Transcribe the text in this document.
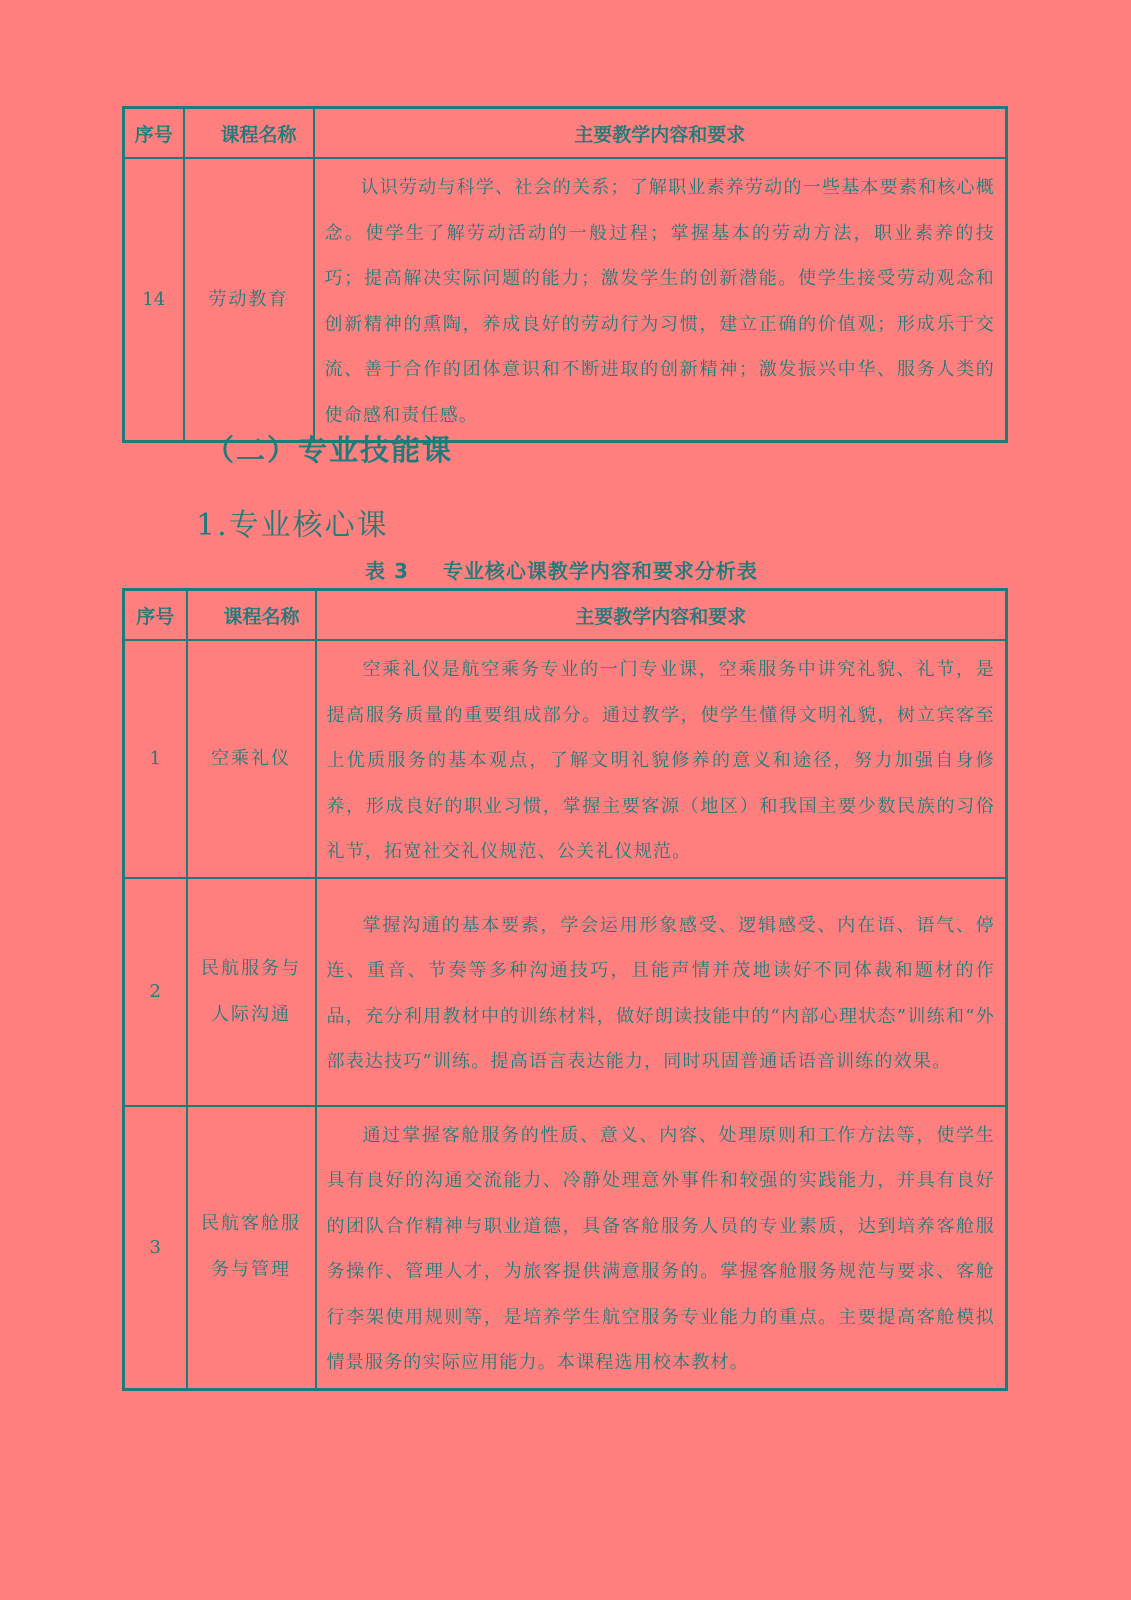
序号	课程名称	主要教学内容和要求
14	劳动教育	认识劳动与科学、社会的关系；了解职业素养劳动的一些基本要素和核心概念。使学生了解劳动活动的一般过程；掌握基本的劳动方法，职业素养的技巧；提高解决实际问题的能力；激发学生的创新潜能。使学生接受劳动观念和创新精神的熏陶，养成良好的劳动行为习惯，建立正确的价值观；形成乐于交流、善于合作的团体意识和不断进取的创新精神；激发振兴中华、服务人类的使命感和责任感。

（二）专业技能课
1.专业核心课
表 3 专业核心课教学内容和要求分析表
序号	课程名称	主要教学内容和要求
1	空乘礼仪	空乘礼仪是航空乘务专业的一门专业课，空乘服务中讲究礼貌、礼节，是提高服务质量的重要组成部分。通过教学，使学生懂得文明礼貌，树立宾客至上优质服务的基本观点，了解文明礼貌修养的意义和途径，努力加强自身修养，形成良好的职业习惯，掌握主要客源（地区）和我国主要少数民族的习俗礼节，拓宽社交礼仪规范、公关礼仪规范。

2	民航服务与人际沟通	掌握沟通的基本要素，学会运用形象感受、逻辑感受、内在语、语气、停连、重音、节奏等多种沟通技巧，且能声情并茂地读好不同体裁和题材的作品，充分利用教材中的训练材料，做好朗读技能中的“内部心理状态”训练和“外部表达技巧”训练。提高语言表达能力，同时巩固普通话语音训练的效果。

3	民航客舱服务与管理	通过掌握客舱服务的性质、意义、内容、处理原则和工作方法等，使学生具有良好的沟通交流能力、冷静处理意外事件和较强的实践能力，并具有良好的团队合作精神与职业道德，具备客舱服务人员的专业素质，达到培养客舱服务操作、管理人才，为旅客提供满意服务的。掌握客舱服务规范与要求、客舱行李架使用规则等，是培养学生航空服务专业能力的重点。主要提高客舱模拟情景服务的实际应用能力。本课程选用校本教材。
